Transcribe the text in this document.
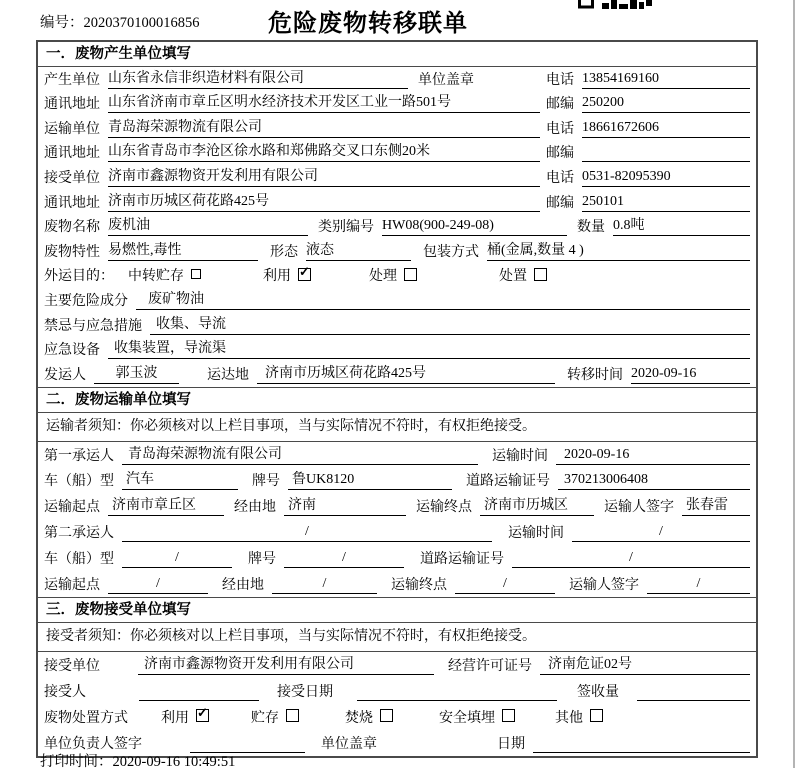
编号：2020370100016856	危险废物转移联单
一．废物产生单位填写
产生单位 山东省永信非织造材料有限公司	单位盖章	电话 13854169160
通讯地址 山东省济南市章丘区明水经济技术开发区工业一路501号	邮编 250200
运输单位 青岛海荣源物流有限公司	电话 18661672606
通讯地址 山东省青岛市李沧区徐水路和郑佛路交叉口东侧20米	邮编
接受单位 济南市鑫源物资开发利用有限公司	电话 0531-82095390
通讯地址 济南市历城区荷花路425号	邮编 250101
废物名称 废机油	类别编号 HW08(900-249-08)	数量 0.8吨
废物特性 易燃性,毒性	形态 液态	包装方式 桶(金属,数量 4 )
外运目的：	中转贮存	利用 ✓	处理	处置
主要危险成分	废矿物油
禁忌与应急措施	收集、导流
应急设备	收集装置，导流渠
发运人	郭玉波	运达地	济南市历城区荷花路425号	转移时间 2020-09-16
二．废物运输单位填写
运输者须知：你必须核对以上栏目事项，当与实际情况不符时，有权拒绝接受。
第一承运人	青岛海荣源物流有限公司	运输时间	2020-09-16
车（船）型 汽车	牌号 鲁UK8120	道路运输证号	370213006408
运输起点 济南市章丘区	经由地 济南	运输终点 济南市历城区	运输人签字 张春雷
第二承运人	/	运输时间	/
车（船）型	/	牌号	/	道路运输证号	/
运输起点	/	经由地	/	运输终点	/	运输人签字	/
三．废物接受单位填写
接受者须知：你必须核对以上栏目事项，当与实际情况不符时，有权拒绝接受。
接受单位	济南市鑫源物资开发利用有限公司	经营许可证号	济南危证02号
接受人	接受日期	签收量
废物处置方式	利用 ✓	贮存	焚烧	安全填埋	其他
单位负责人签字	单位盖章	日期
打印时间：2020-09-16 10:49:51
